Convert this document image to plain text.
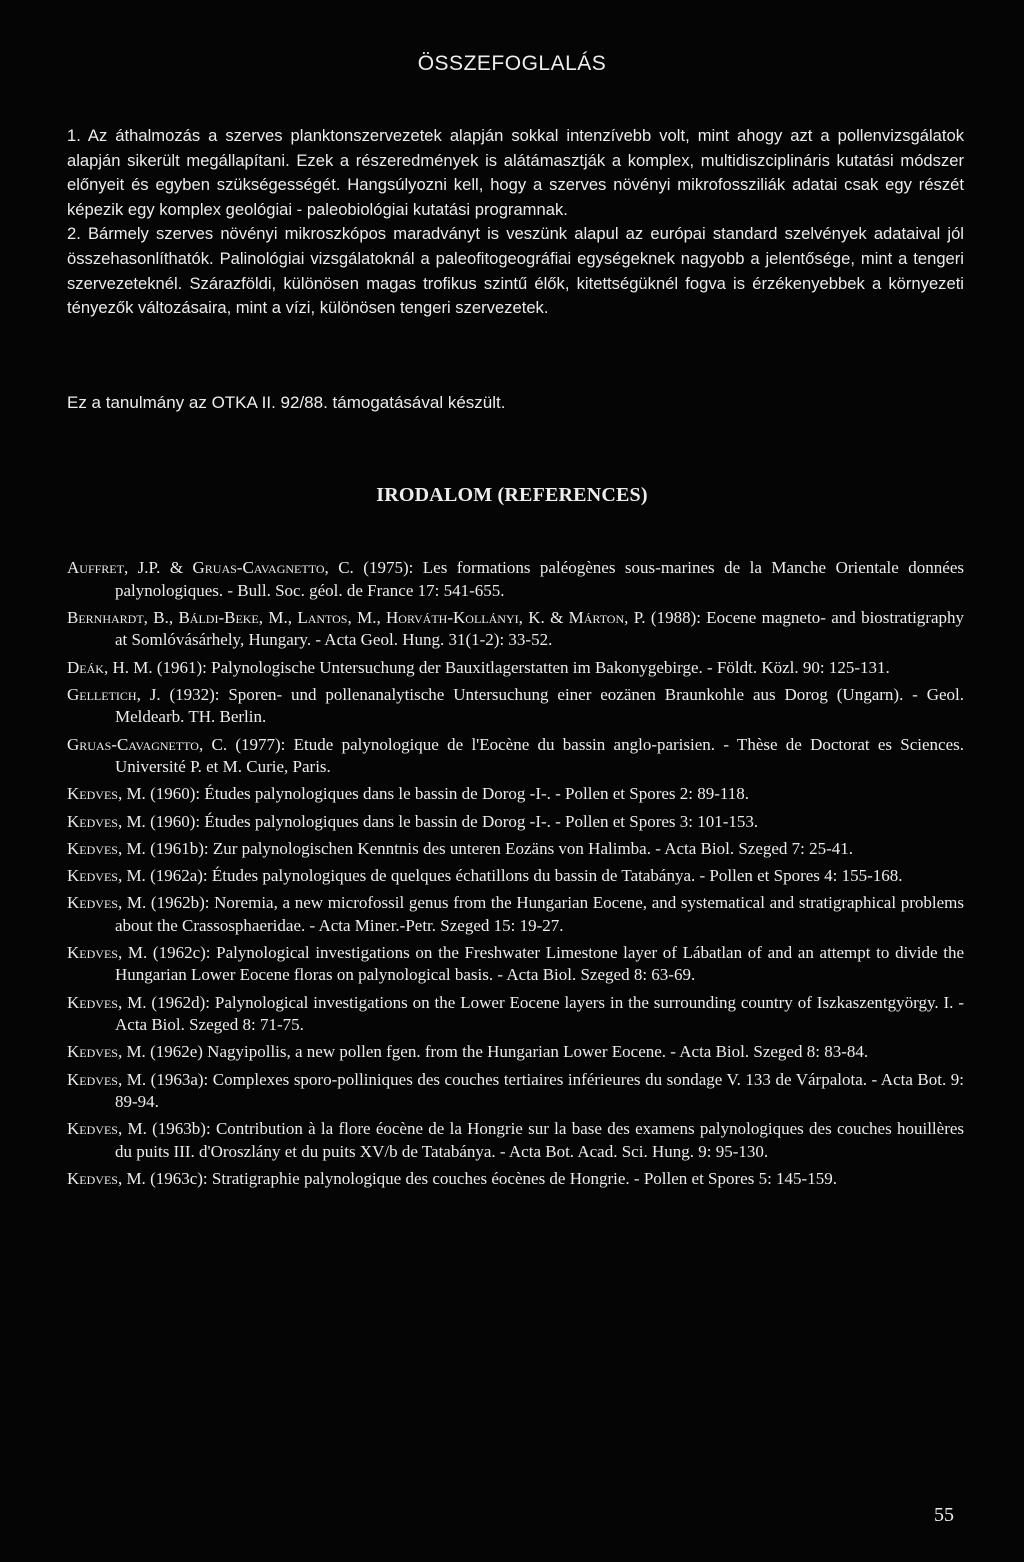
ÖSSZEFOGLALÁS

1. Az áthalmozás a szerves planktonszervezetek alapján sokkal intenzívebb volt, mint ahogy azt a pollenvizsgálatok alapján sikerült megállapítani. Ezek a részeredmények is alátámasztják a komplex, multidiszciplináris kutatási módszer előnyeit és egyben szükségességét. Hangsúlyozni kell, hogy a szerves növényi mikrofossziliák adatai csak egy részét képezik egy komplex geológiai - paleobiológiai kutatási programnak.

2. Bármely szerves növényi mikroszkópos maradványt is veszünk alapul az európai standard szelvények adataival jól összehasonlíthatók. Palinológiai vizsgálatoknál a paleofitogeográfiai egységeknek nagyobb a jelentősége, mint a tengeri szervezeteknél. Szárazföldi, különösen magas trofikus szintű élők, kitettségüknél fogva is érzékenyebbek a környezeti tényezők változásaira, mint a vízi, különösen tengeri szervezetek.

Ez a tanulmány az OTKA II. 92/88. támogatásával készült.
IRODALOM (REFERENCES)

Auffret, J.P. & Gruas-Cavagnetto, C. (1975): Les formations paléogènes sous-marines de la Manche Orientale données palynologiques. - Bull. Soc. géol. de France 17: 541-655.

Bernhardt, B., Báldi-Beke, M., Lantos, M., Horváth-Kollányi, K. & Márton, P. (1988): Eocene magneto- and biostratigraphy at Somlóvásárhely, Hungary. - Acta Geol. Hung. 31(1-2): 33-52.

Deák, H. M. (1961): Palynologische Untersuchung der Bauxitlagerstatten im Bakonygebirge. - Földt. Közl. 90: 125-131.

Gelletich, J. (1932): Sporen- und pollenanalytische Untersuchung einer eozänen Braunkohle aus Dorog (Ungarn). - Geol. Meldearb. TH. Berlin.

Gruas-Cavagnetto, C. (1977): Etude palynologique de l'Eocène du bassin anglo-parisien. - Thèse de Doctorat es Sciences. Université P. et M. Curie, Paris.

Kedves, M. (1960): Études palynologiques dans le bassin de Dorog -I-. - Pollen et Spores 2: 89-118.

Kedves, M. (1960): Études palynologiques dans le bassin de Dorog -I-. - Pollen et Spores 3: 101-153.

Kedves, M. (1961b): Zur palynologischen Kenntnis des unteren Eozäns von Halimba. - Acta Biol. Szeged 7: 25-41.

Kedves, M. (1962a): Études palynologiques de quelques échatillons du bassin de Tatabánya. - Pollen et Spores 4: 155-168.

Kedves, M. (1962b): Noremia, a new microfossil genus from the Hungarian Eocene, and systematical and stratigraphical problems about the Crassosphaeridae. - Acta Miner.-Petr. Szeged 15: 19-27.

Kedves, M. (1962c): Palynological investigations on the Freshwater Limestone layer of Lábatlan of and an attempt to divide the Hungarian Lower Eocene floras on palynological basis. - Acta Biol. Szeged 8: 63-69.

Kedves, M. (1962d): Palynological investigations on the Lower Eocene layers in the surrounding country of Iszkaszentgyörgy. I. - Acta Biol. Szeged 8: 71-75.

Kedves, M. (1962e) Nagyipollis, a new pollen fgen. from the Hungarian Lower Eocene. - Acta Biol. Szeged 8: 83-84.

Kedves, M. (1963a): Complexes sporo-polliniques des couches tertiaires inférieures du sondage V. 133 de Várpalota. - Acta Bot. 9: 89-94.

Kedves, M. (1963b): Contribution à la flore éocène de la Hongrie sur la base des examens palynologiques des couches houillères du puits III. d'Oroszlány et du puits XV/b de Tatabánya. - Acta Bot. Acad. Sci. Hung. 9: 95-130.

Kedves, M. (1963c): Stratigraphie palynologique des couches éocènes de Hongrie. - Pollen et Spores 5: 145-159.

55
